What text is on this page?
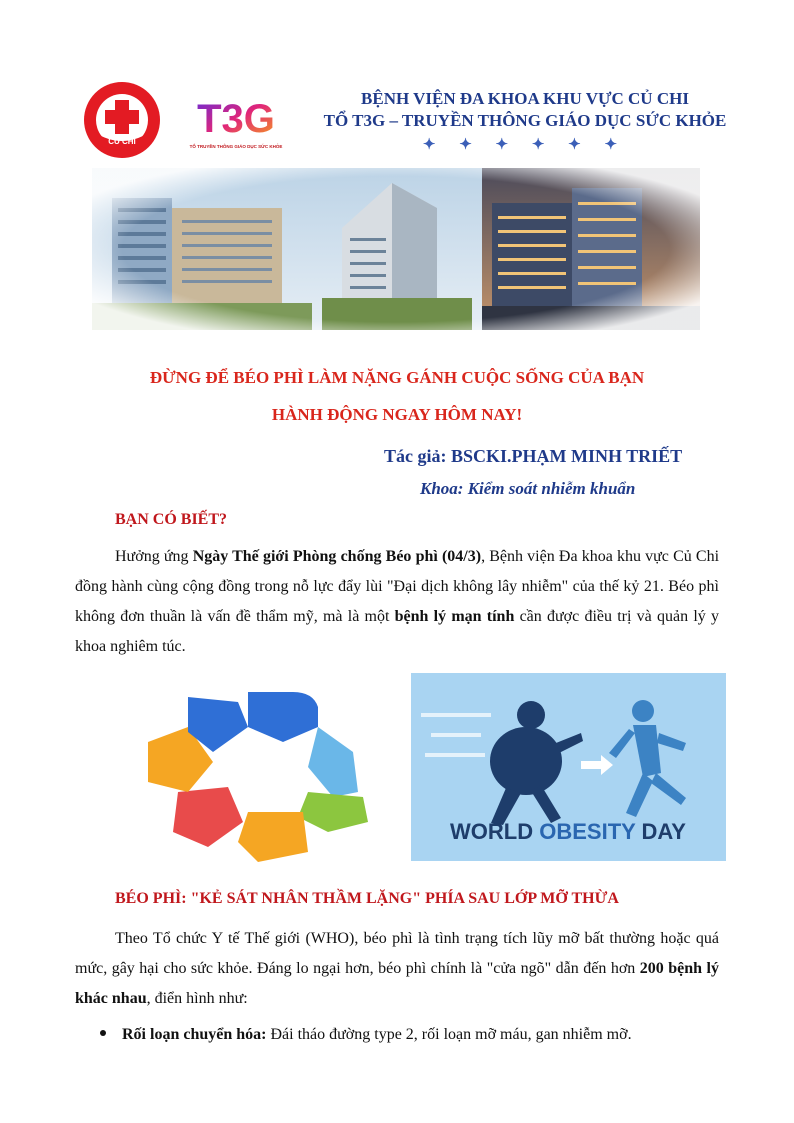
CỦ CHI
T3G
TỔ TRUYỀN THÔNG GIÁO DỤC SỨC KHỎE
BỆNH VIỆN ĐA KHOA KHU VỰC CỦ CHI
TỔ T3G – TRUYỀN THÔNG GIÁO DỤC SỨC KHỎE
✦ ✦ ✦ ✦ ✦ ✦
ĐỪNG ĐỂ BÉO PHÌ LÀM NẶNG GÁNH CUỘC SỐNG CỦA BẠN
HÀNH ĐỘNG NGAY HÔM NAY!
Tác giả: BSCKI.PHẠM MINH TRIẾT
Khoa: Kiểm soát nhiễm khuẩn
BẠN CÓ BIẾT?
Hưởng ứng Ngày Thế giới Phòng chống Béo phì (04/3), Bệnh viện Đa khoa khu vực Củ Chi đồng hành cùng cộng đồng trong nỗ lực đẩy lùi "Đại dịch không lây nhiễm" của thế kỷ 21. Béo phì không đơn thuần là vấn đề thẩm mỹ, mà là một bệnh lý mạn tính cần được điều trị và quản lý y khoa nghiêm túc.
WORLD OBESITY DAY
BÉO PHÌ: "KẺ SÁT NHÂN THẦM LẶNG" PHÍA SAU LỚP MỠ THỪA
Theo Tổ chức Y tế Thế giới (WHO), béo phì là tình trạng tích lũy mỡ bất thường hoặc quá mức, gây hại cho sức khỏe. Đáng lo ngại hơn, béo phì chính là "cửa ngõ" dẫn đến hơn 200 bệnh lý khác nhau, điển hình như:
Rối loạn chuyển hóa: Đái tháo đường type 2, rối loạn mỡ máu, gan nhiễm mỡ.
